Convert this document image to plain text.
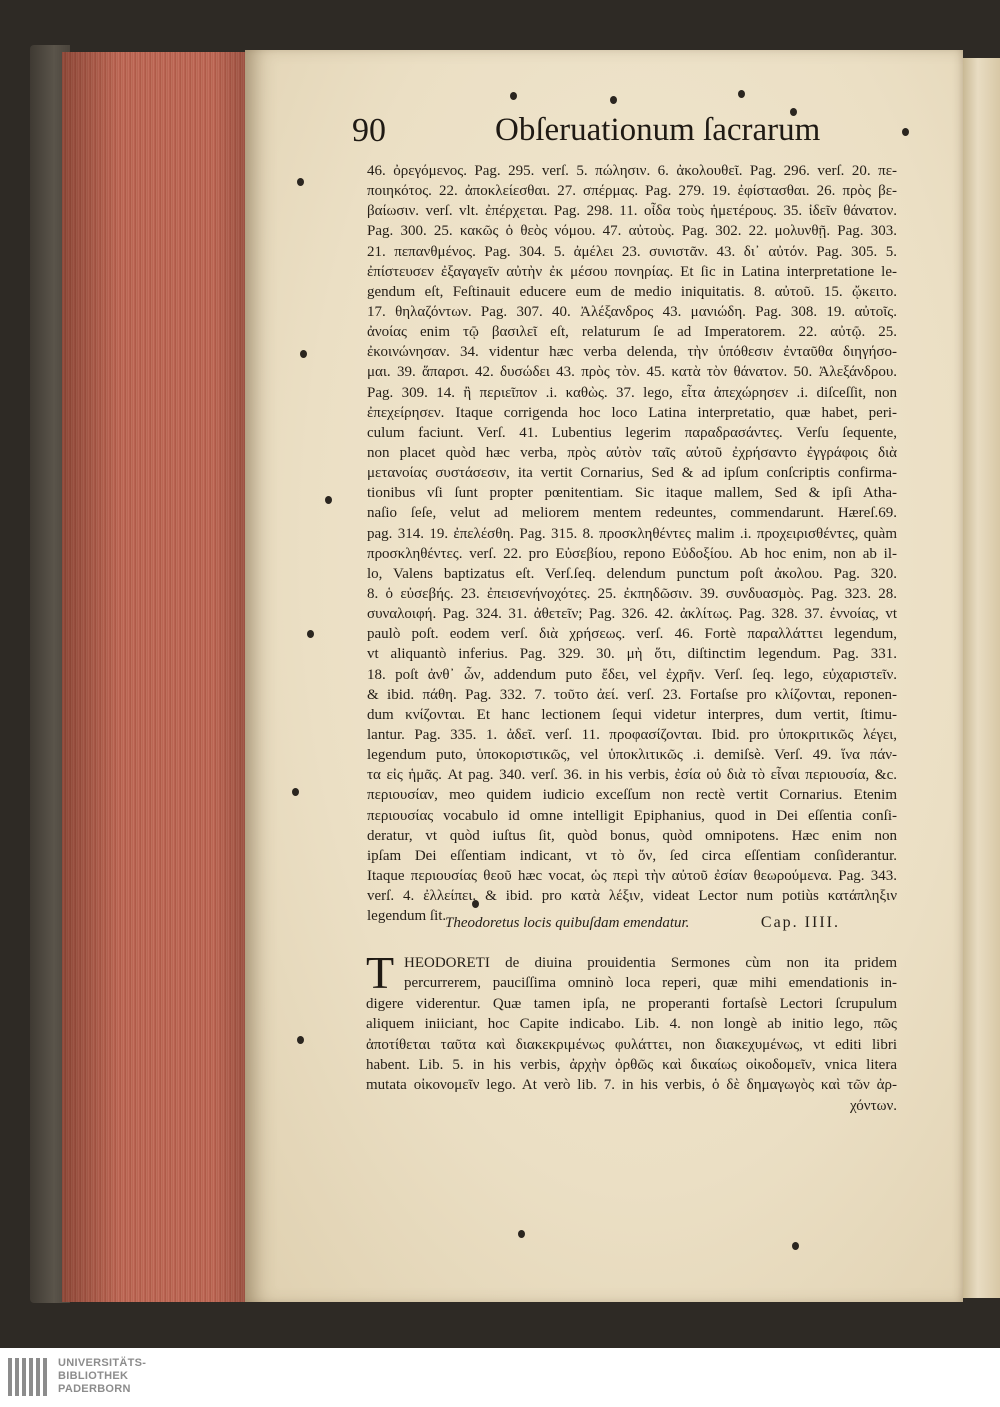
90	Obſeruationum ſacrarum
46. ὀρεγόμενος. Pag. 295. verſ. 5. πώλησιν. 6. ἀκολουθεῖ. Pag. 296. verſ. 20. πε-
ποιηκότος. 22. ἀποκλείεσθαι. 27. σπέρμας. Pag. 279. 19. ἐφίστασθαι. 26. πρὸς βε-
βαίωσιν. verſ. vlt. ἐπέρχεται. Pag. 298. 11. οἶδα τοὺς ἡμετέρους. 35. ἰδεῖν θάνατον.
Pag. 300. 25. κακῶς ὁ θεὸς νόμου. 47. αὐτοὺς. Pag. 302. 22. μολυνθῇ. Pag. 303.
21. πεπανθμένος. Pag. 304. 5. ἀμέλει 23. συνιστᾶν. 43. δι᾽ αὐτόν. Pag. 305. 5.
ἐπίστευσεν ἐξαγαγεῖν αὐτὴν ἐκ μέσου πονηρίας. Et ſic in Latina interpretatione le-
gendum eſt, Feſtinauit educere eum de medio iniquitatis. 8. αὐτοῦ. 15. ᾤκειτο.
17. θηλαζόντων. Pag. 307. 40. Ἀλέξανδρος 43. μανιώδη. Pag. 308. 19. αὐτοῖς.
ἀνοίας enim τῷ βασιλεῖ eſt, relaturum ſe ad Imperatorem. 22. αὐτῷ. 25.
ἐκοινώνησαν. 34. videntur hæc verba delenda, τὴν ὑπόθεσιν ἐνταῦθα διηγήσο-
μαι. 39. ἅπαρσι. 42. δυσώδει 43. πρὸς τὸν. 45. κατὰ τὸν θάνατον. 50. Ἀλεξάνδρου.
Pag. 309. 14. ἢ περιεῖπον .i. καθὼς. 37. lego, εἶτα ἀπεχώρησεν .i. diſceſſit, non
ἐπεχείρησεν. Itaque corrigenda hoc loco Latina interpretatio, quæ habet, peri-
culum faciunt. Verſ. 41. Lubentius legerim παραδρασάντες. Verſu ſequente,
non placet quòd hæc verba, πρὸς αὐτὸν ταῖς αὐτοῦ ἐχρήσαντο ἐγγράφοις διὰ
μετανοίας συστάσεσιν, ita vertit Cornarius, Sed & ad ipſum conſcriptis confirma-
tionibus vſi ſunt propter pœnitentiam. Sic itaque mallem, Sed & ipſi Atha-
naſio ſeſe, velut ad meliorem mentem redeuntes, commendarunt. Hæreſ.69.
pag. 314. 19. ἐπελέσθη. Pag. 315. 8. προσκληθέντες malim .i. προχειρισθέντες, quàm
προσκληθέντες. verſ. 22. pro Εὐσεβίου, repono Εὐδοξίου. Ab hoc enim, non ab il-
lo, Valens baptizatus eſt. Verſ.ſeq. delendum punctum poſt ἀκολου. Pag. 320.
8. ὁ εὐσεβής. 23. ἐπεισενήνοχότες. 25. ἐκπηδῶσιν. 39. συνδυασμὸς. Pag. 323. 28.
συναλοιφή. Pag. 324. 31. ἀθετεῖν; Pag. 326. 42. ἀκλίτως. Pag. 328. 37. ἐννοίας, vt
paulò poſt. eodem verſ. διὰ χρήσεως. verſ. 46. Fortè παραλλάττει legendum,
vt aliquantò inferius. Pag. 329. 30. μὴ ὅτι, diſtinctim legendum. Pag. 331.
18. poſt ἀνθ᾽ ὧν, addendum puto ἔδει, vel ἐχρῆν. Verſ. ſeq. lego, εὐχαριστεῖν.
& ibid. πάθη. Pag. 332. 7. τοῦτο ἀεί. verſ. 23. Fortaſse pro κλίζονται, reponen-
dum κνίζονται. Et hanc lectionem ſequi videtur interpres, dum vertit, ſtimu-
lantur. Pag. 335. 1. ἀδεῖ. verſ. 11. προφασίζονται. Ibid. pro ὑποκριτικῶς λέγει,
legendum puto, ὑποκοριστικῶς, vel ὑποκλιτικῶς .i. demiſsè. Verſ. 49. ἵνα πάν-
τα εἰς ἡμᾶς. At pag. 340. verſ. 36. in his verbis, ἐσία οὐ διὰ τὸ εἶναι περιουσία, &c.
περιουσίαν, meo quidem iudicio exceſſum non rectè vertit Cornarius. Etenim
περιουσίας vocabulo id omne intelligit Epiphanius, quod in Dei eſſentia conſi-
deratur, vt quòd iuſtus ſit, quòd bonus, quòd omnipotens. Hæc enim non
ipſam Dei eſſentiam indicant, vt τὸ ὄν, ſed circa eſſentiam conſiderantur.
Itaque περιουσίας θεοῦ hæc vocat, ὡς περὶ τὴν αὐτοῦ ἐσίαν θεωρούμενα. Pag. 343.
verſ. 4. ἐλλείπει. & ibid. pro κατὰ λέξιν, videat Lector num potiùs κατάπληξιν
legendum ſit.
Theodoretus locis quibuſdam emendatur.	Cap. IIII.
T HEODORETI de diuina prouidentia Sermones cùm non ita pridem
percurrerem, pauciſſima omninò loca reperi, quæ mihi emendationis in-
digere viderentur. Quæ tamen ipſa, ne properanti fortaſsè Lectori ſcrupulum
aliquem iniiciant, hoc Capite indicabo. Lib. 4. non longè ab initio lego, πῶς
ἀποτίθεται ταῦτα καὶ διακεκριμένως φυλάττει, non διακεχυμένως, vt editi libri
habent. Lib. 5. in his verbis, ἀρχὴν ὀρθῶς καὶ δικαίως οἰκοδομεῖν, vnica litera
mutata οἰκονομεῖν lego. At verò lib. 7. in his verbis, ὁ δὲ δημαγωγὸς καὶ τῶν ἀρ-
χόντων.
UNIVERSITÄTS-
BIBLIOTHEK
PADERBORN
